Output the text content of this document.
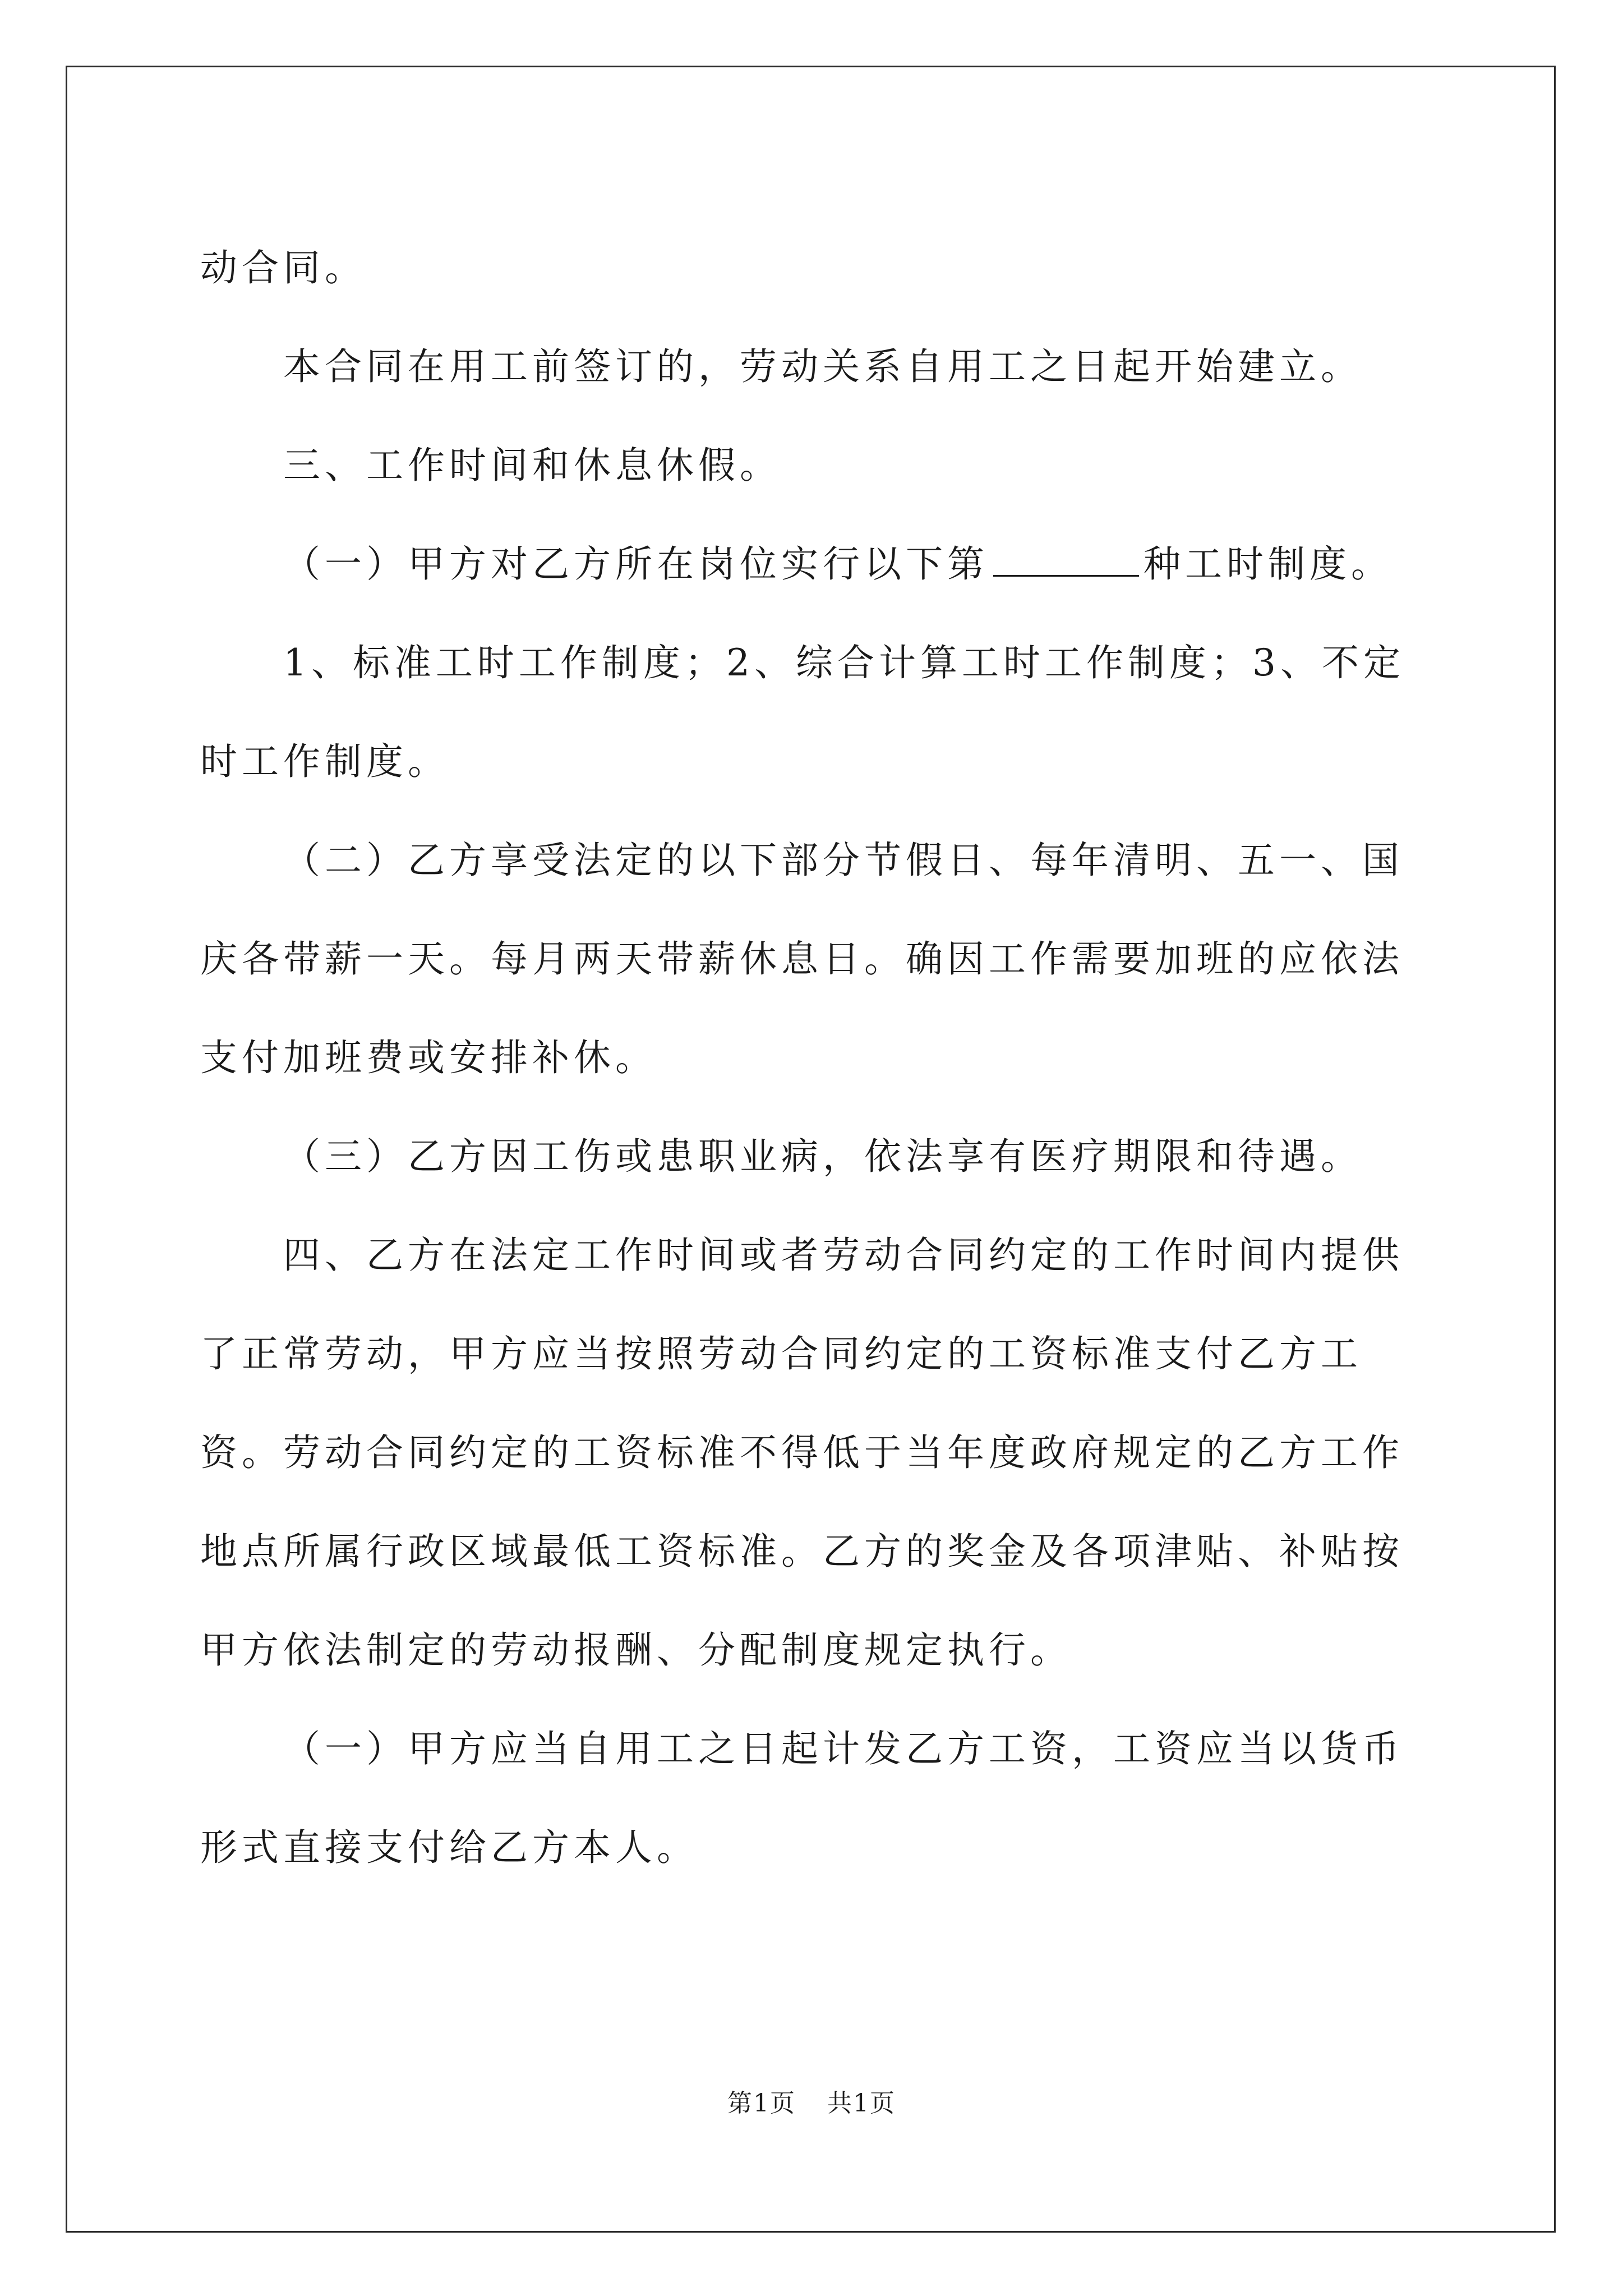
动合同。

本合同在用工前签订的，劳动关系自用工之日起开始建立。

三、工作时间和休息休假。

（一）甲方对乙方所在岗位实行以下第	种工时制度。

1、标准工时工作制度；2、综合计算工时工作制度；3、不定时工作制度。

（二）乙方享受法定的以下部分节假日、每年清明、五一、国庆各带薪一天。每月两天带薪休息日。确因工作需要加班的应依法支付加班费或安排补休。

（三）乙方因工伤或患职业病，依法享有医疗期限和待遇。

四、乙方在法定工作时间或者劳动合同约定的工作时间内提供了正常劳动，甲方应当按照劳动合同约定的工资标准支付乙方工资。劳动合同约定的工资标准不得低于当年度政府规定的乙方工作地点所属行政区域最低工资标准。乙方的奖金及各项津贴、补贴按甲方依法制定的劳动报酬、分配制度规定执行。

（一）甲方应当自用工之日起计发乙方工资，工资应当以货币形式直接支付给乙方本人。

第1页 共1页
